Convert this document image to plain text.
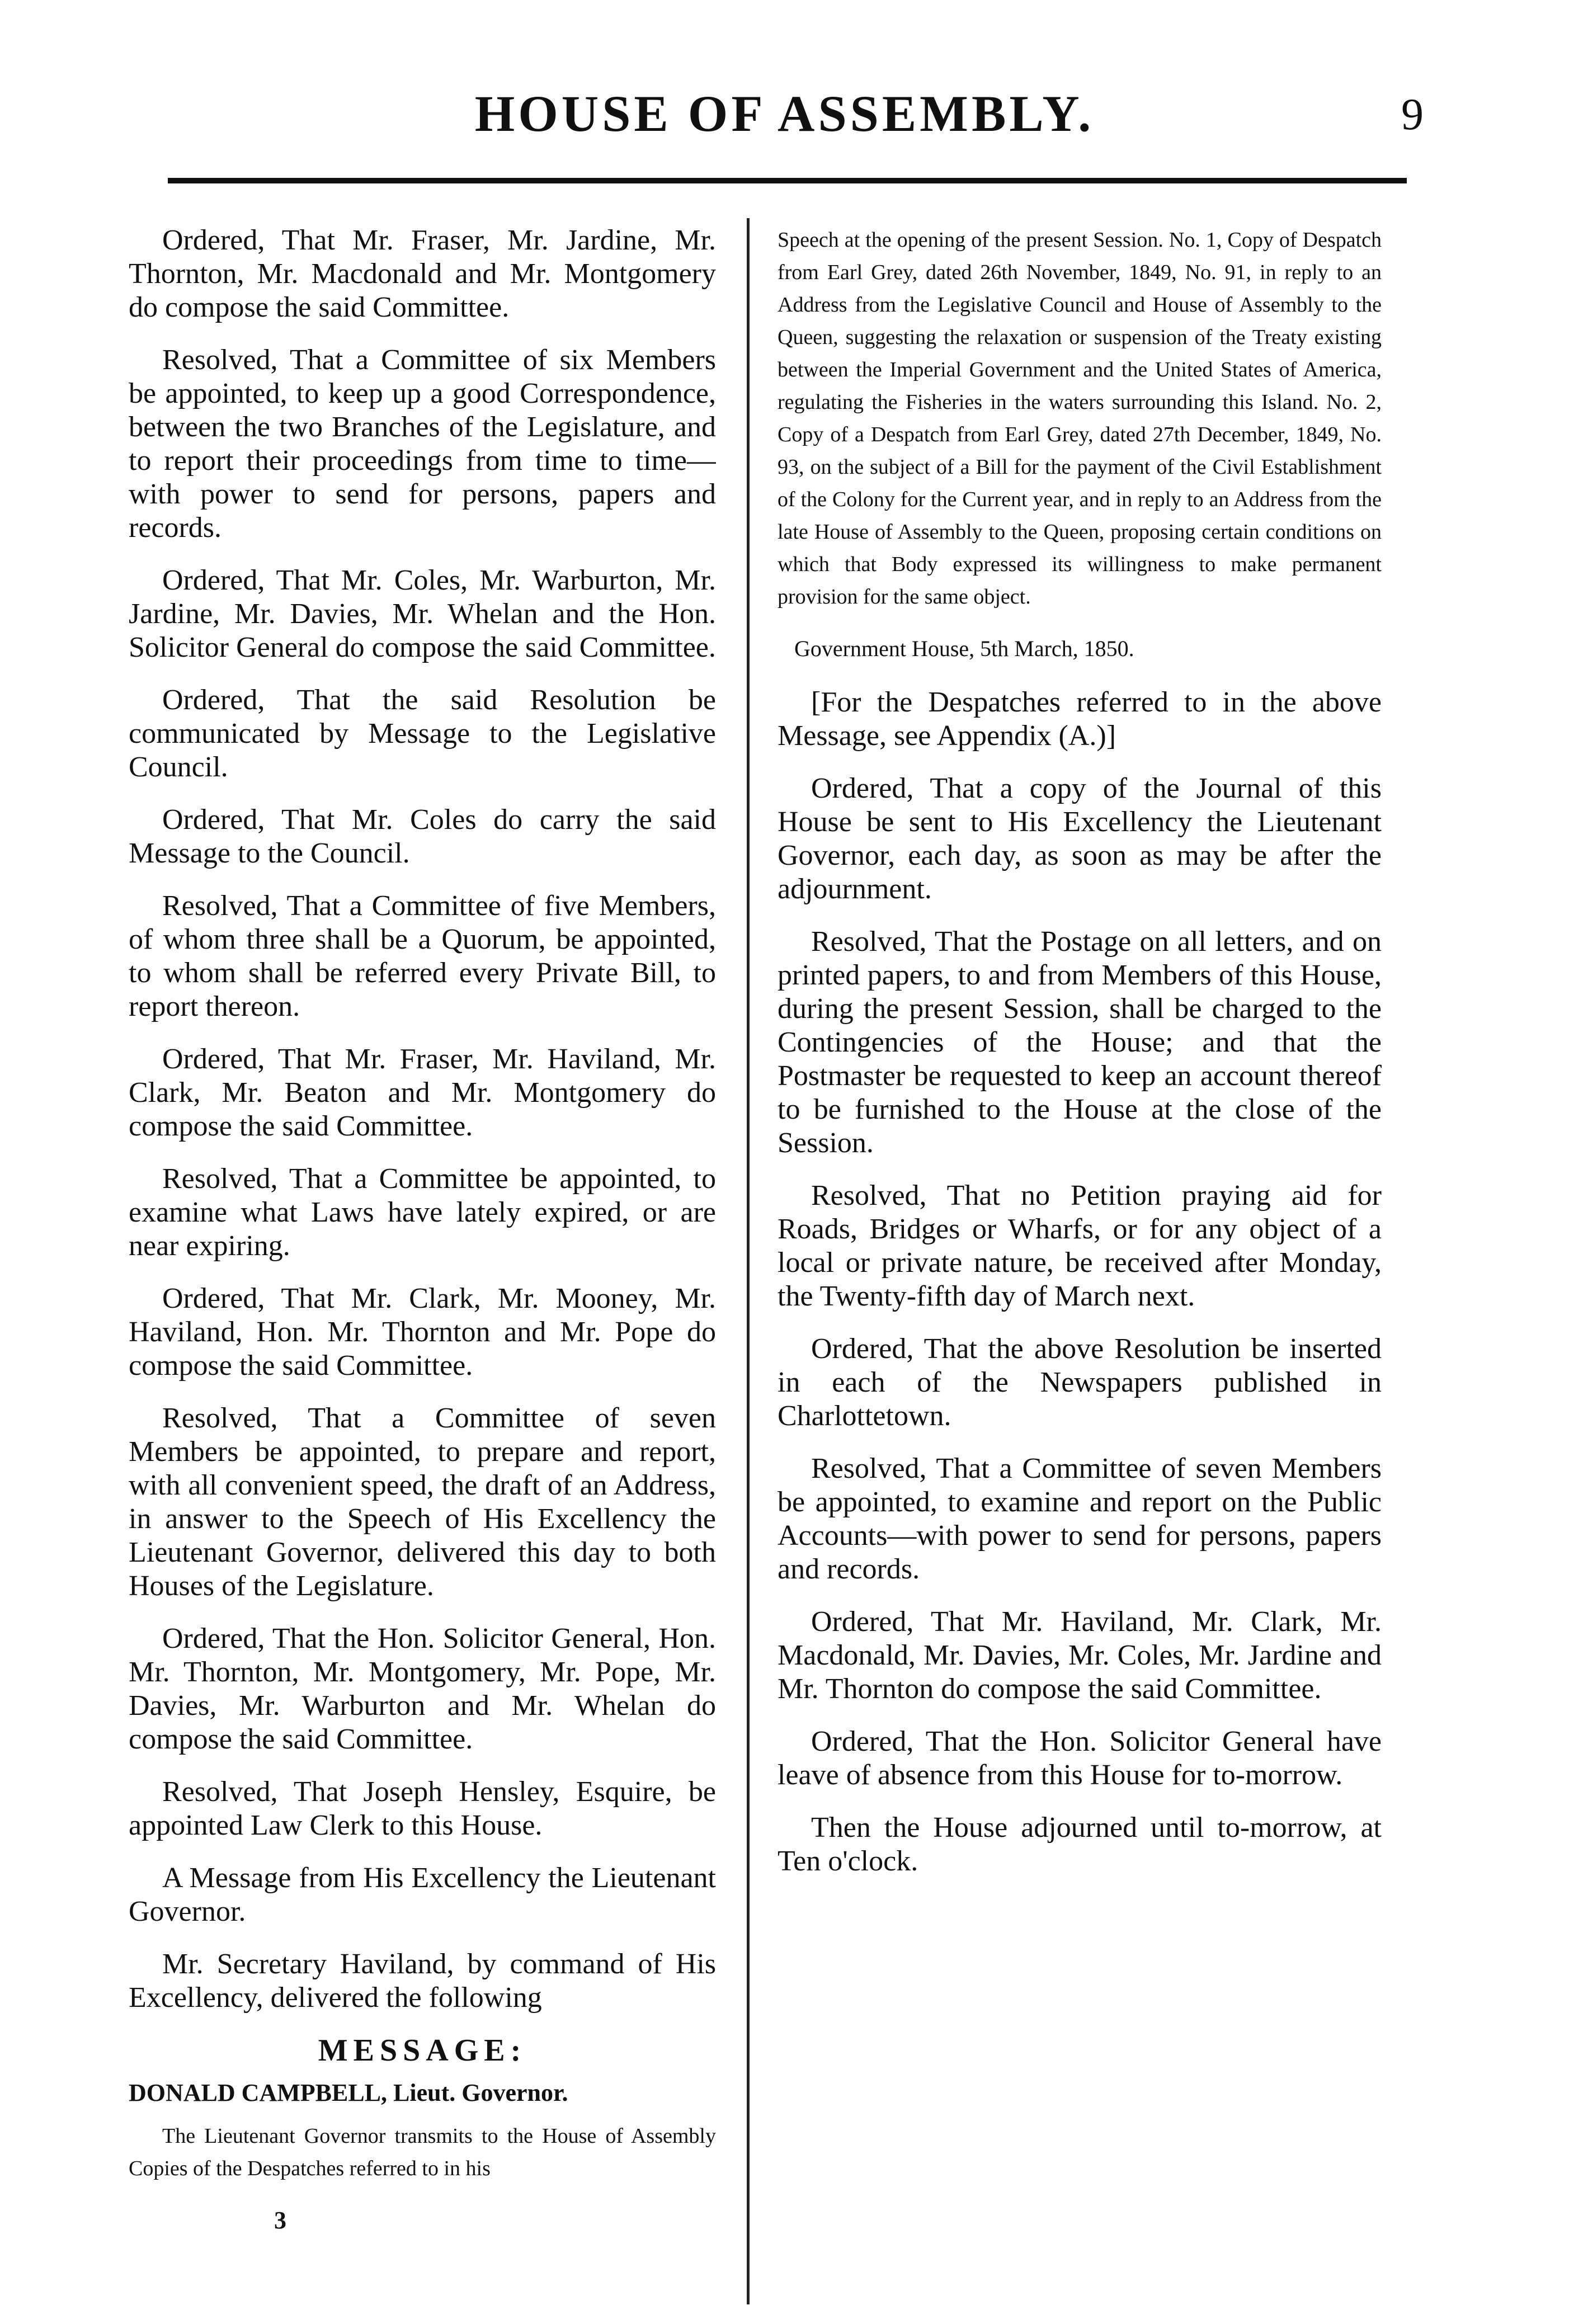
HOUSE OF ASSEMBLY.	9

Ordered, That Mr. Fraser, Mr. Jardine, Mr. Thornton, Mr. Macdonald and Mr. Montgomery do compose the said Committee.

Resolved, That a Committee of six Members be appointed, to keep up a good Correspondence, between the two Branches of the Legislature, and to report their proceedings from time to time—with power to send for persons, papers and records.

Ordered, That Mr. Coles, Mr. Warburton, Mr. Jardine, Mr. Davies, Mr. Whelan and the Hon. Solicitor General do compose the said Committee.

Ordered, That the said Resolution be communicated by Message to the Legislative Council.

Ordered, That Mr. Coles do carry the said Message to the Council.

Resolved, That a Committee of five Members, of whom three shall be a Quorum, be appointed, to whom shall be referred every Private Bill, to report thereon.

Ordered, That Mr. Fraser, Mr. Haviland, Mr. Clark, Mr. Beaton and Mr. Montgomery do compose the said Committee.

Resolved, That a Committee be appointed, to examine what Laws have lately expired, or are near expiring.

Ordered, That Mr. Clark, Mr. Mooney, Mr. Haviland, Hon. Mr. Thornton and Mr. Pope do compose the said Committee.

Resolved, That a Committee of seven Members be appointed, to prepare and report, with all convenient speed, the draft of an Address, in answer to the Speech of His Excellency the Lieutenant Governor, delivered this day to both Houses of the Legislature.

Ordered, That the Hon. Solicitor General, Hon. Mr. Thornton, Mr. Montgomery, Mr. Pope, Mr. Davies, Mr. Warburton and Mr. Whelan do compose the said Committee.

Resolved, That Joseph Hensley, Esquire, be appointed Law Clerk to this House.

A Message from His Excellency the Lieutenant Governor.

Mr. Secretary Haviland, by command of His Excellency, delivered the following

MESSAGE:
DONALD CAMPBELL, Lieut. Governor.

The Lieutenant Governor transmits to the House of Assembly Copies of the Despatches referred to in his

3

Speech at the opening of the present Session. No. 1, Copy of Despatch from Earl Grey, dated 26th November, 1849, No. 91, in reply to an Address from the Legislative Council and House of Assembly to the Queen, suggesting the relaxation or suspension of the Treaty existing between the Imperial Government and the United States of America, regulating the Fisheries in the waters surrounding this Island. No. 2, Copy of a Despatch from Earl Grey, dated 27th December, 1849, No. 93, on the subject of a Bill for the payment of the Civil Establishment of the Colony for the Current year, and in reply to an Address from the late House of Assembly to the Queen, proposing certain conditions on which that Body expressed its willingness to make permanent provision for the same object.

Government House, 5th March, 1850.

[For the Despatches referred to in the above Message, see Appendix (A.)]

Ordered, That a copy of the Journal of this House be sent to His Excellency the Lieutenant Governor, each day, as soon as may be after the adjournment.

Resolved, That the Postage on all letters, and on printed papers, to and from Members of this House, during the present Session, shall be charged to the Contingencies of the House; and that the Postmaster be requested to keep an account thereof to be furnished to the House at the close of the Session.

Resolved, That no Petition praying aid for Roads, Bridges or Wharfs, or for any object of a local or private nature, be received after Monday, the Twenty-fifth day of March next.

Ordered, That the above Resolution be inserted in each of the Newspapers published in Charlottetown.

Resolved, That a Committee of seven Members be appointed, to examine and report on the Public Accounts—with power to send for persons, papers and records.

Ordered, That Mr. Haviland, Mr. Clark, Mr. Macdonald, Mr. Davies, Mr. Coles, Mr. Jardine and Mr. Thornton do compose the said Committee.

Ordered, That the Hon. Solicitor General have leave of absence from this House for to-morrow.

Then the House adjourned until to-morrow, at Ten o'clock.
